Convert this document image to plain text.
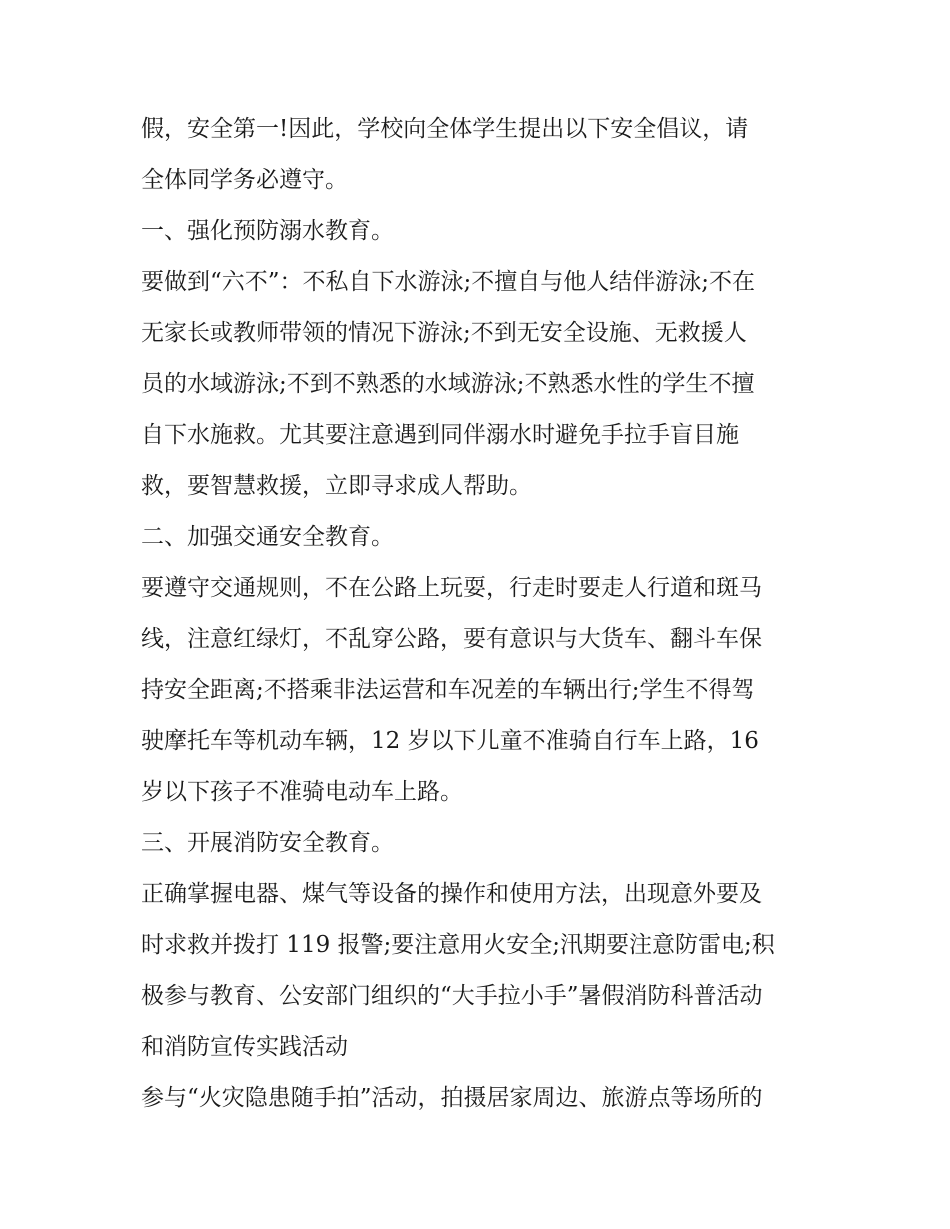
假，安全第一!因此，学校向全体学生提出以下安全倡议，请
全体同学务必遵守。
一、强化预防溺水教育。
要做到“六不”：不私自下水游泳;不擅自与他人结伴游泳;不在
无家长或教师带领的情况下游泳;不到无安全设施、无救援人
员的水域游泳;不到不熟悉的水域游泳;不熟悉水性的学生不擅
自下水施救。尤其要注意遇到同伴溺水时避免手拉手盲目施
救，要智慧救援，立即寻求成人帮助。
二、加强交通安全教育。
要遵守交通规则，不在公路上玩耍，行走时要走人行道和斑马
线，注意红绿灯，不乱穿公路，要有意识与大货车、翻斗车保
持安全距离;不搭乘非法运营和车况差的车辆出行;学生不得驾
驶摩托车等机动车辆，12 岁以下儿童不准骑自行车上路，16
岁以下孩子不准骑电动车上路。
三、开展消防安全教育。
正确掌握电器、煤气等设备的操作和使用方法，出现意外要及
时求救并拨打 119 报警;要注意用火安全;汛期要注意防雷电;积
极参与教育、公安部门组织的“大手拉小手”暑假消防科普活动
和消防宣传实践活动
参与“火灾隐患随手拍”活动，拍摄居家周边、旅游点等场所的
